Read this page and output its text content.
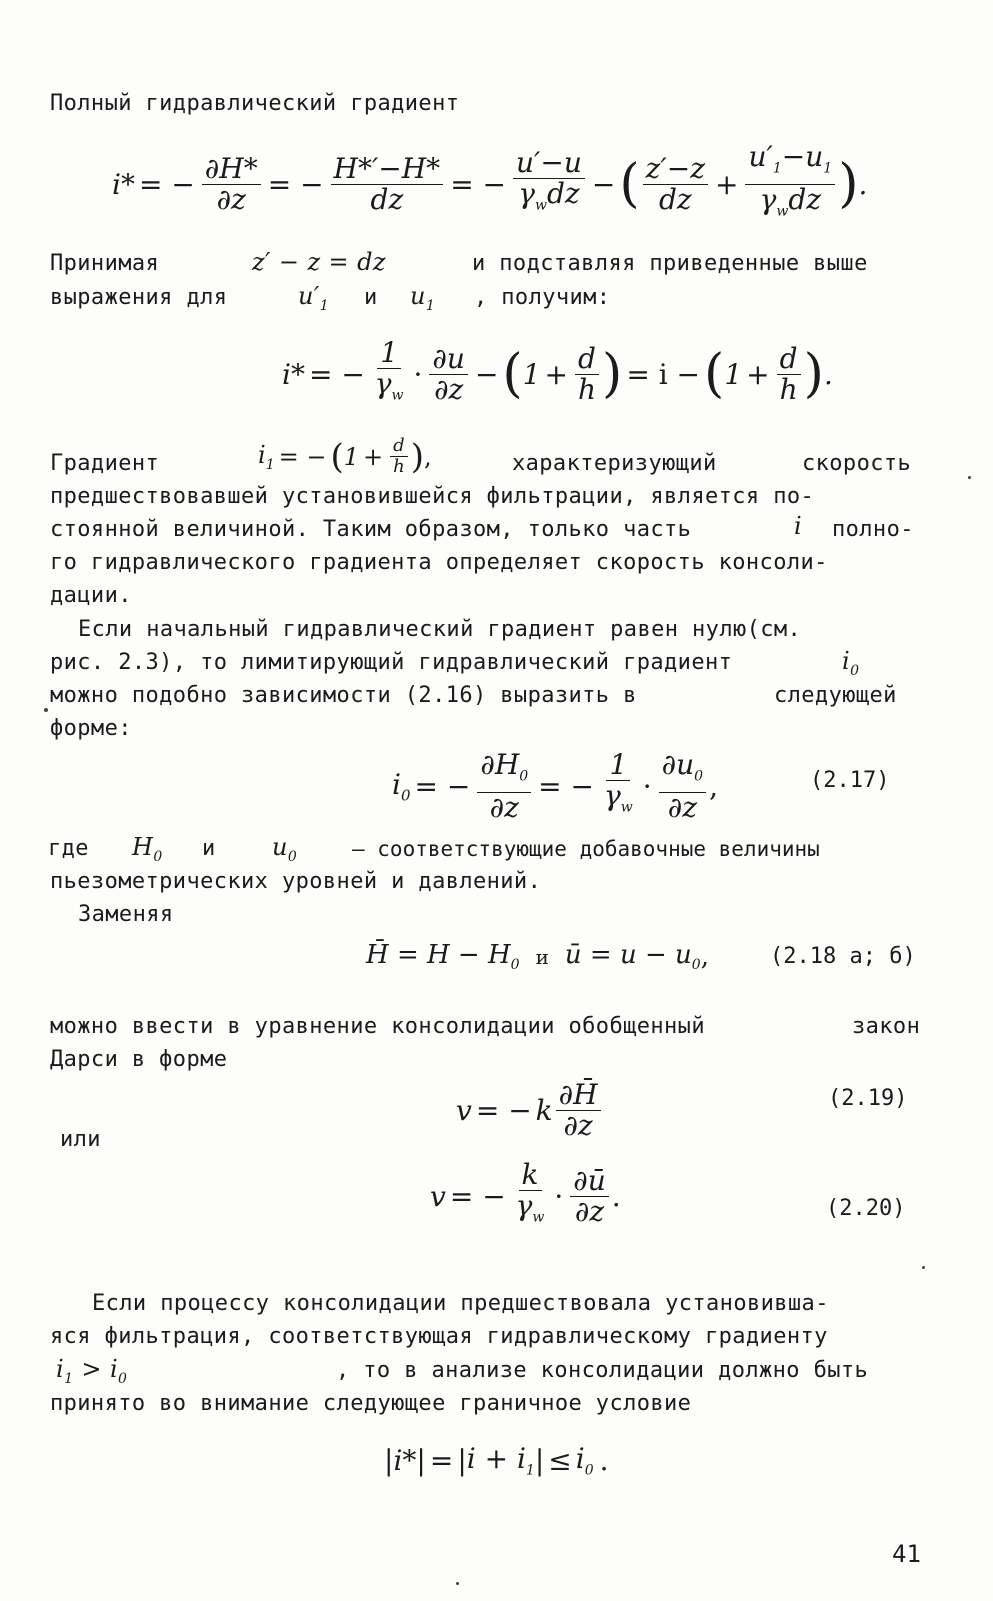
Полный гидравлический градиент
i* = − $\frac{\partial H*}{\partial z}$ = − $\frac{H*'-H*}{dz}$ = − $\frac{u'-u}{\gamma_wdz}$ − ( $\frac{z'-z}{dz} + \frac{u'_1-u_1}{\gamma_wdz}$ ) .
Принимая	z′ − z = dz	и подставляя приведенные выше
выражения для	$u'_1$ и $u_1$ , получим:
i* = − $\frac{1}{\gamma_w} \cdot \frac{\partial u}{\partial z}$ − ( $1 + \frac{d}{h}$ ) = i − ( $1 + \frac{d}{h}$ ) .
Градиент	$i_1$ = − ( $1 + \frac{d}{h}$ ) ,	характеризующий	скорость
предшествовавшей установившейся фильтрации, является по-
стоянной величиной. Таким образом, только часть	i полно-
го гидравлического градиента определяет скорость консоли-
дации.
Если начальный гидравлический градиент равен нулю(см.
рис. 2.3), то лимитирующий гидравлический градиент	$i_0$
можно подобно зависимости (2.16) выразить в	следующей
форме:
$i_0$ = − $\frac{\partial H_0}{\partial z}$ = − $\frac{1}{\gamma_w} \cdot \frac{\partial u_0}{\partial z}$ ,	(2.17)
где $H_0$ и $u_0$	– соответствующие добавочные величины
пьезометрических уровней и давлений.
Заменяя
H̄ = $H - H_0$ и ū = $u - u_0$ ,	(2.18 а; б)
можно ввести в уравнение консолидации обобщенный	закон
Дарси в форме
v = − k $\frac{\partial H̄}{\partial z}$	(2.19)
или
v = − $\frac{k}{\gamma_w} \cdot \frac{\partial ū}{\partial z}$ .	(2.20)
Если процессу консолидации предшествовала установивша-
яся фильтрация, соответствующая гидравлическому градиенту
$i_1 > i_0$	, то в анализе консолидации должно быть
принято во внимание следующее граничное условие
| i* | = | $i + i_1$ | ≤ $i_0$ .
41
